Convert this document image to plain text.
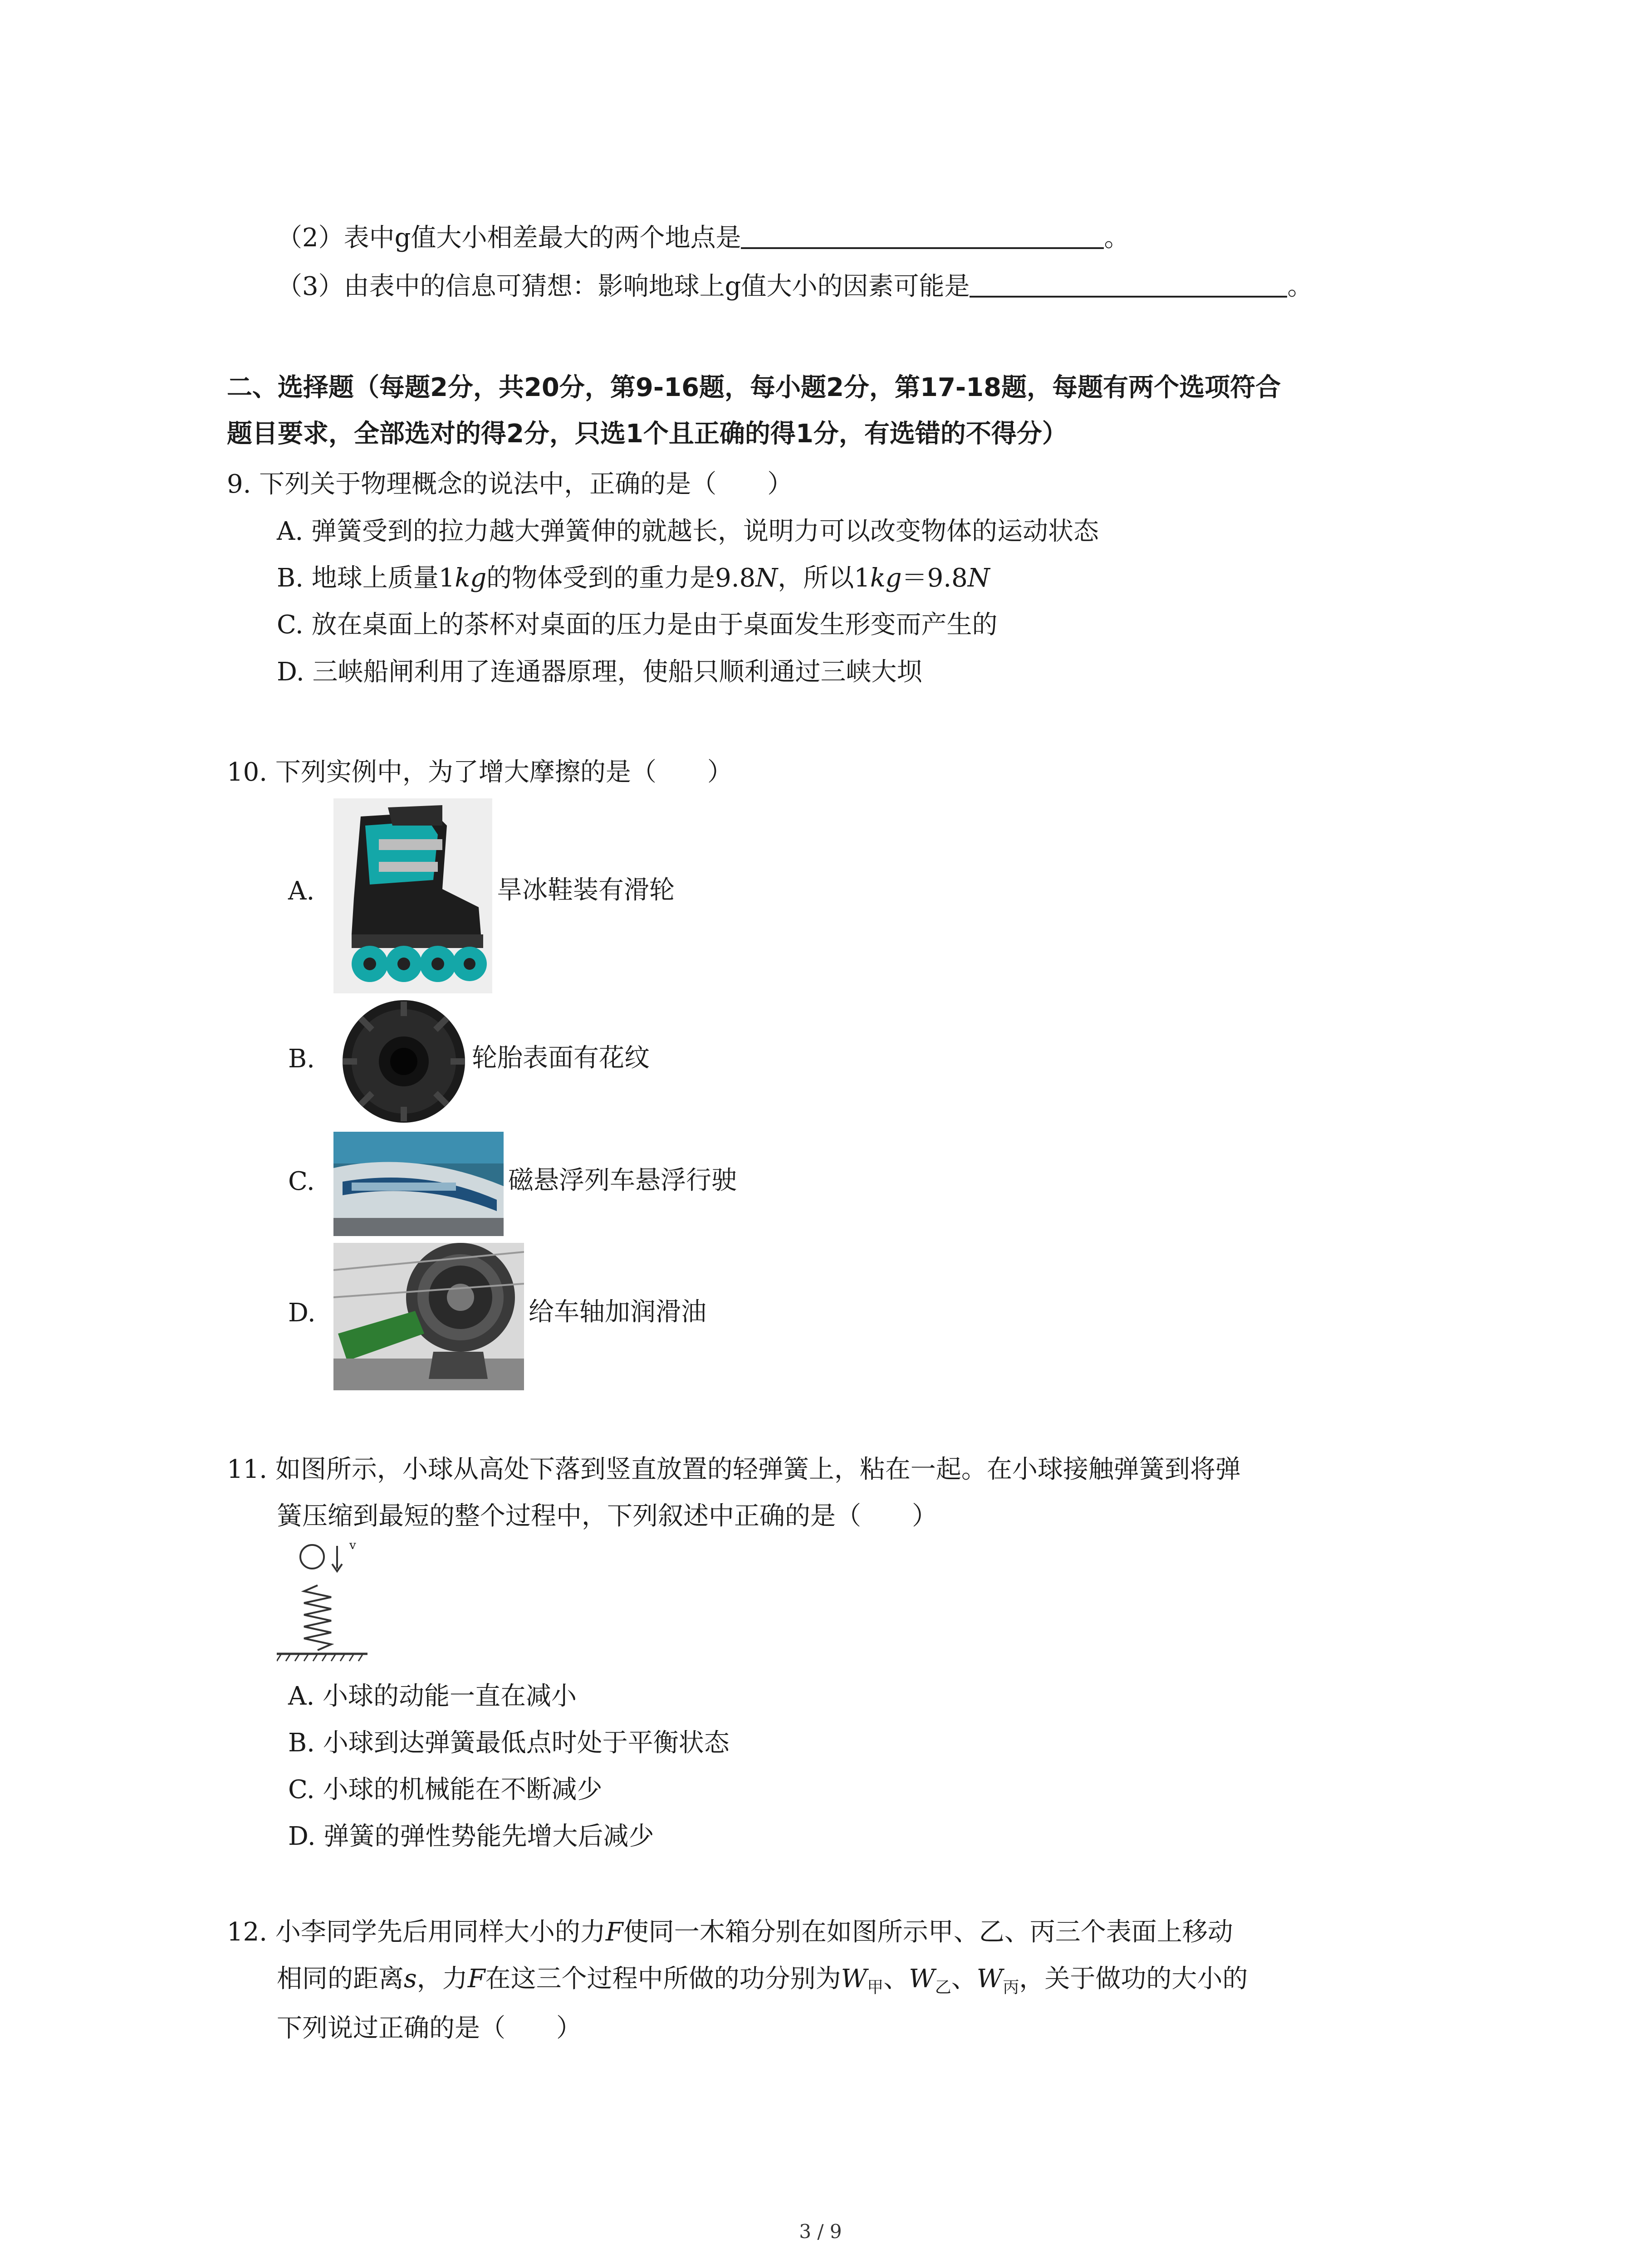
（2）表中g值大小相差最大的两个地点是	。
（3）由表中的信息可猜想：影响地球上g值大小的因素可能是	。
二、选择题（每题2分，共20分，第9-16题，每小题2分，第17-18题，每题有两个选项符合
题目要求，全部选对的得2分，只选1个且正确的得1分，有选错的不得分）
9. 下列关于物理概念的说法中，正确的是（　　）
A. 弹簧受到的拉力越大弹簧伸的就越长，说明力可以改变物体的运动状态
B. 地球上质量1kg的物体受到的重力是9.8N，所以1kg＝9.8N
C. 放在桌面上的茶杯对桌面的压力是由于桌面发生形变而产生的
D. 三峡船闸利用了连通器原理，使船只顺利通过三峡大坝
10. 下列实例中，为了增大摩擦的是（　　）
A.	旱冰鞋装有滑轮
B.	轮胎表面有花纹
C.	磁悬浮列车悬浮行驶
D.	给车轴加润滑油
11. 如图所示，小球从高处下落到竖直放置的轻弹簧上，粘在一起。在小球接触弹簧到将弹
簧压缩到最短的整个过程中，下列叙述中正确的是（　　）
v
A. 小球的动能一直在减小
B. 小球到达弹簧最低点时处于平衡状态
C. 小球的机械能在不断减少
D. 弹簧的弹性势能先增大后减少
12. 小李同学先后用同样大小的力F使同一木箱分别在如图所示甲、乙、丙三个表面上移动
相同的距离s，力F在这三个过程中所做的功分别为$W_甲$、$W_乙$、$W_丙$，关于做功的大小的
下列说过正确的是（　　）
3 / 9
